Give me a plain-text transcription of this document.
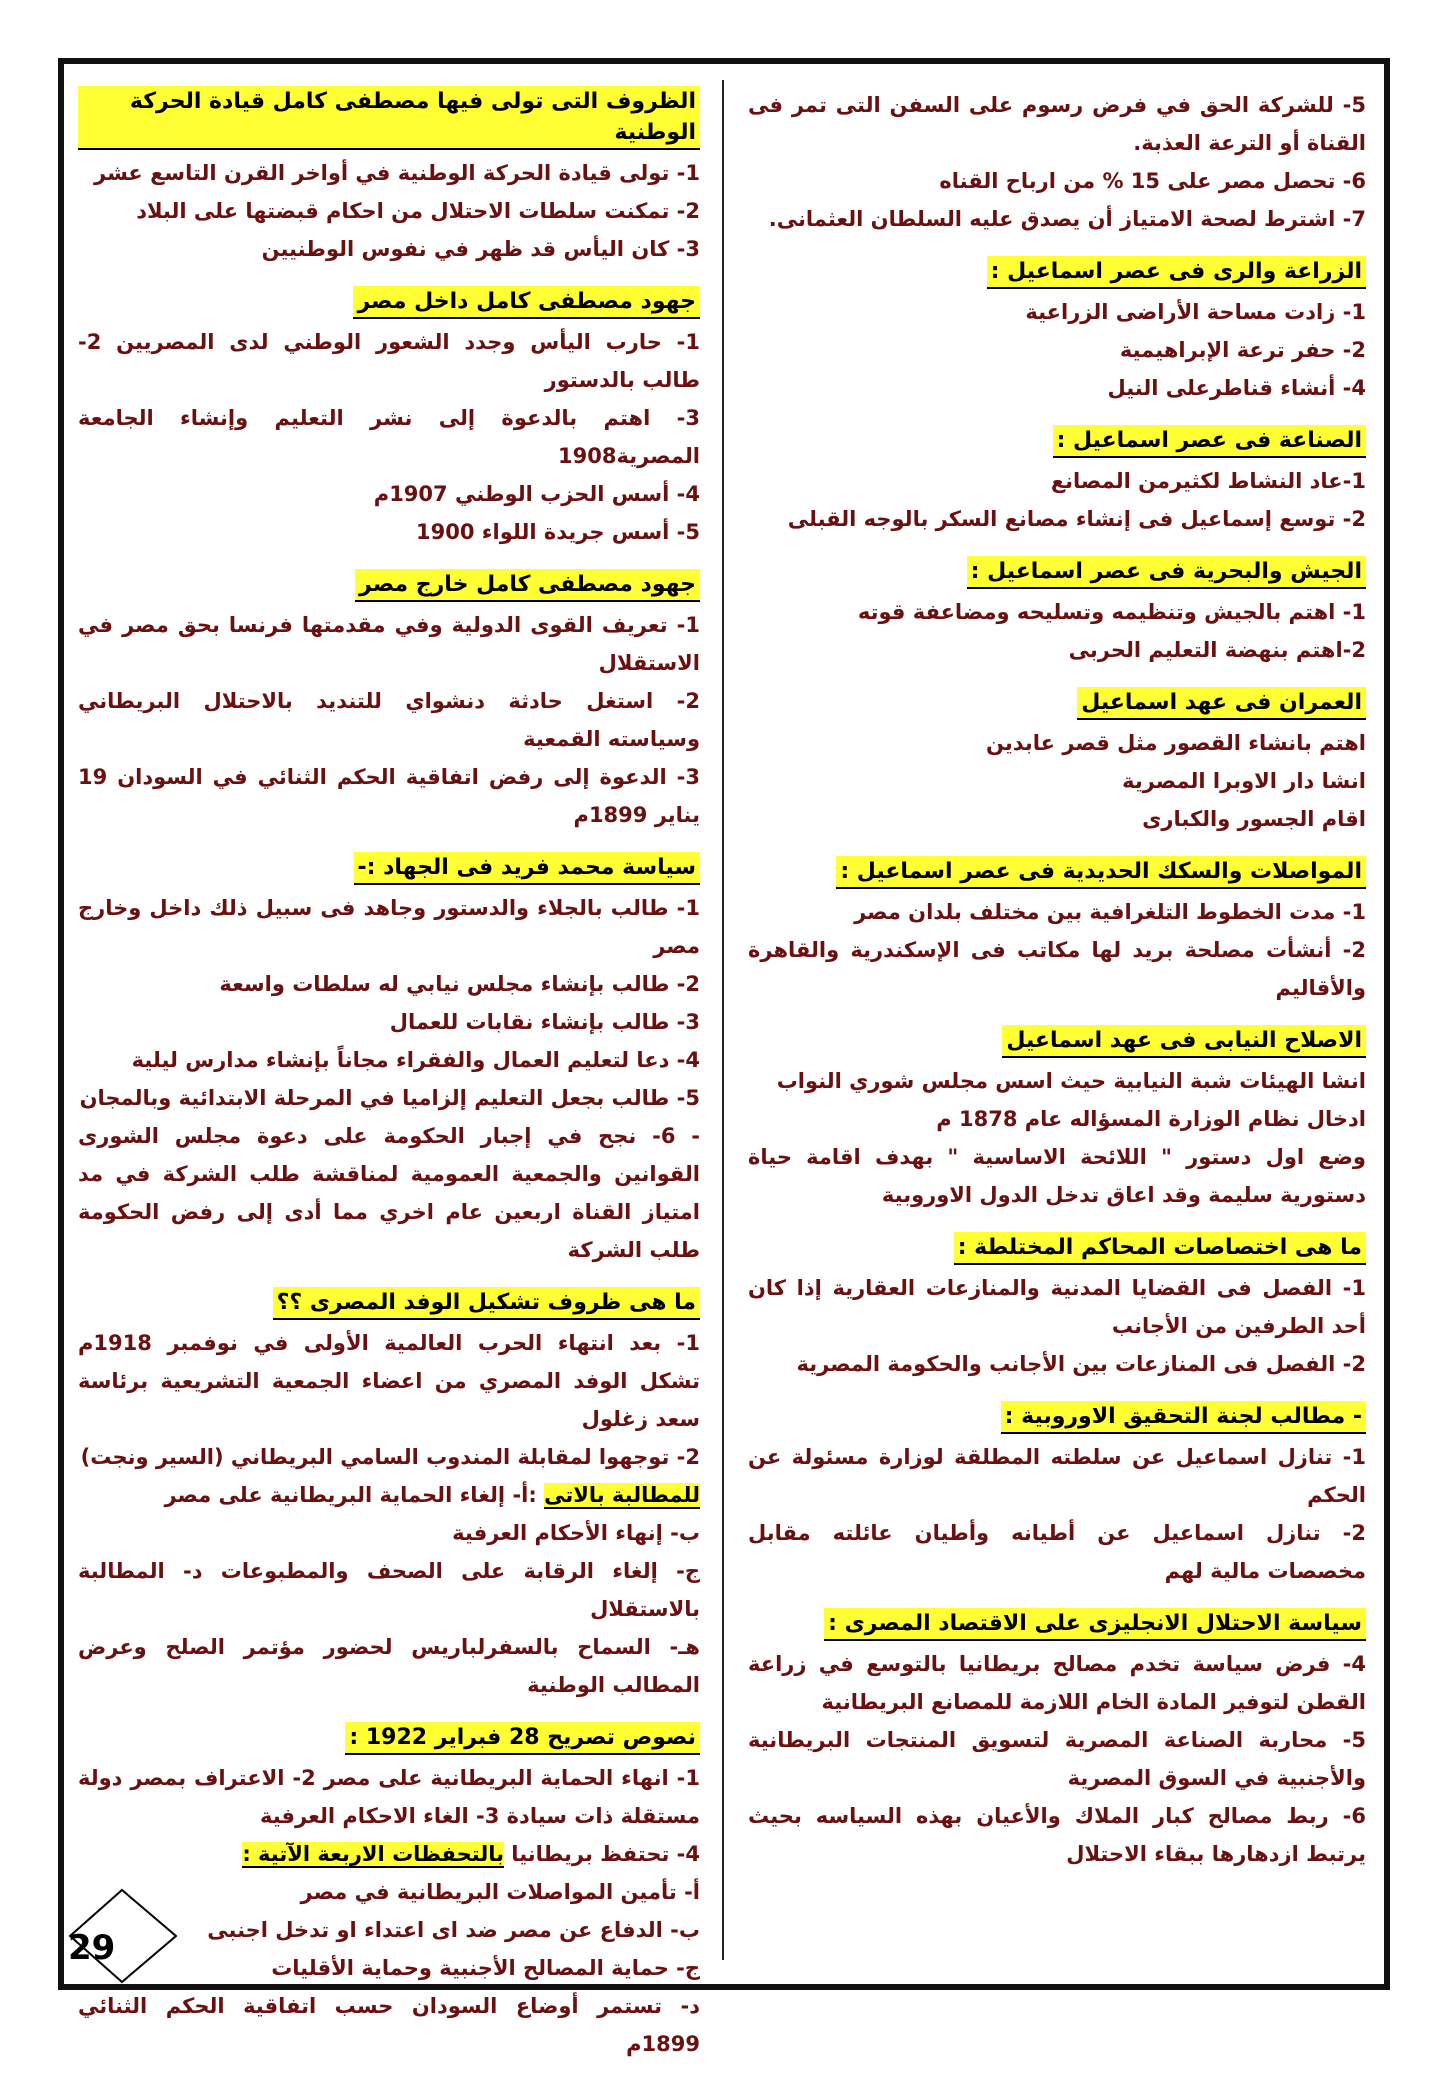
5- للشركة الحق في فرض رسوم على السفن التى تمر فى القناة أو الترعة العذبة.

6- تحصل مصر على 15 % من ارباح القناه

7- اشترط لصحة الامتياز أن يصدق عليه السلطان العثمانى.

الزراعة والرى فى عصر اسماعيل :

1- زادت مساحة الأراضى الزراعية

2- حفر ترعة الإبراهيمية

4- أنشاء قناطرعلى النيل

الصناعة فى عصر اسماعيل :

1-عاد النشاط لكثيرمن المصانع

2- توسع إسماعيل فى إنشاء مصانع السكر بالوجه القبلى

الجيش والبحرية فى عصر اسماعيل :

1- اهتم بالجيش وتنظيمه وتسليحه ومضاعفة قوته

2-اهتم بنهضة التعليم الحربى

العمران فى عهد اسماعيل

اهتم بانشاء القصور مثل قصر عابدين

انشا دار الاوبرا المصرية

اقام الجسور والكبارى

المواصلات والسكك الحديدية فى عصر اسماعيل :

1- مدت الخطوط التلغرافية بين مختلف بلدان مصر

2- أنشأت مصلحة بريد لها مكاتب فى الإسكندرية والقاهرة والأقاليم

الاصلاح النيابى فى عهد اسماعيل

انشا الهيئات شبة النيابية حيث اسس مجلس شوري النواب

ادخال نظام الوزارة المسؤاله عام 1878 م

وضع اول دستور " اللائحة الاساسية " بهدف اقامة حياة دستورية سليمة وقد اعاق تدخل الدول الاوروبية

ما هى اختصاصات المحاكم المختلطة :

1- الفصل فى القضايا المدنية والمنازعات العقارية إذا كان أحد الطرفين من الأجانب

2- الفصل فى المنازعات بين الأجانب والحكومة المصرية

- مطالب لجنة التحقيق الاوروبية :

1- تنازل اسماعيل عن سلطته المطلقة لوزارة مسئولة عن الحكم

2- تنازل اسماعيل عن أطيانه وأطيان عائلته مقابل مخصصات مالية لهم

سياسة الاحتلال الانجليزى على الاقتصاد المصرى :

4- فرض سياسة تخدم مصالح بريطانيا بالتوسع في زراعة القطن لتوفير المادة الخام اللازمة للمصانع البريطانية

5- محاربة الصناعة المصرية لتسويق المنتجات البريطانية والأجنبية في السوق المصرية

6- ربط مصالح كبار الملاك والأعيان بهذه السياسه بحيث يرتبط ازدهارها ببقاء الاحتلال

الظروف التى تولى فيها مصطفى كامل قيادة الحركة الوطنية

1- تولى قيادة الحركة الوطنية في أواخر القرن التاسع عشر

2- تمكنت سلطات الاحتلال من احكام قبضتها على البلاد

3- كان اليأس قد ظهر في نفوس الوطنيين

جهود مصطفى كامل داخل مصر

1- حارب اليأس وجدد الشعور الوطني لدى المصريين 2- طالب بالدستور

3- اهتم بالدعوة إلى نشر التعليم وإنشاء الجامعة المصرية1908

4- أسس الحزب الوطني 1907م

5- أسس جريدة اللواء 1900

جهود مصطفى كامل خارج مصر

1- تعريف القوى الدولية وفي مقدمتها فرنسا بحق مصر في الاستقلال

2- استغل حادثة دنشواي للتنديد بالاحتلال البريطاني وسياسته القمعية

3- الدعوة إلى رفض اتفاقية الحكم الثنائي في السودان 19 يناير 1899م

سياسة محمد فريد فى الجهاد :-

1- طالب بالجلاء والدستور وجاهد فى سبيل ذلك داخل وخارج مصر

2- طالب بإنشاء مجلس نيابي له سلطات واسعة

3- طالب بإنشاء نقابات للعمال

4- دعا لتعليم العمال والفقراء مجاناً بإنشاء مدارس ليلية

5- طالب بجعل التعليم إلزاميا في المرحلة الابتدائية وبالمجان

- 6- نجح في إجبار الحكومة على دعوة مجلس الشورى القوانين والجمعية العمومية لمناقشة طلب الشركة في مد امتياز القناة اربعين عام اخري مما أدى إلى رفض الحكومة طلب الشركة

ما هى ظروف تشكيل الوفد المصرى ؟؟

1- بعد انتهاء الحرب العالمية الأولى في نوفمبر 1918م تشكل الوفد المصري من اعضاء الجمعية التشريعية برئاسة سعد زغلول

2- توجهوا لمقابلة المندوب السامي البريطاني (السير ونجت)

للمطالبة بالاتى :أ- إلغاء الحماية البريطانية على مصر

ب- إنهاء الأحكام العرفية

ج- إلغاء الرقابة على الصحف والمطبوعات د- المطالبة بالاستقلال

هـ- السماح بالسفرلباريس لحضور مؤتمر الصلح وعرض المطالب الوطنية

نصوص تصريح 28 فبراير 1922 :

1- انهاء الحماية البريطانية على مصر 2- الاعتراف بمصر دولة مستقلة ذات سيادة 3- الغاء الاحكام العرفية

4- تحتفظ بريطانيا بالتحفظات الاربعة الآتية :

أ- تأمين المواصلات البريطانية في مصر

ب- الدفاع عن مصر ضد اى اعتداء او تدخل اجنبى

ج- حماية المصالح الأجنبية وحماية الأقليات

د- تستمر أوضاع السودان حسب اتفاقية الحكم الثنائي 1899م

29
